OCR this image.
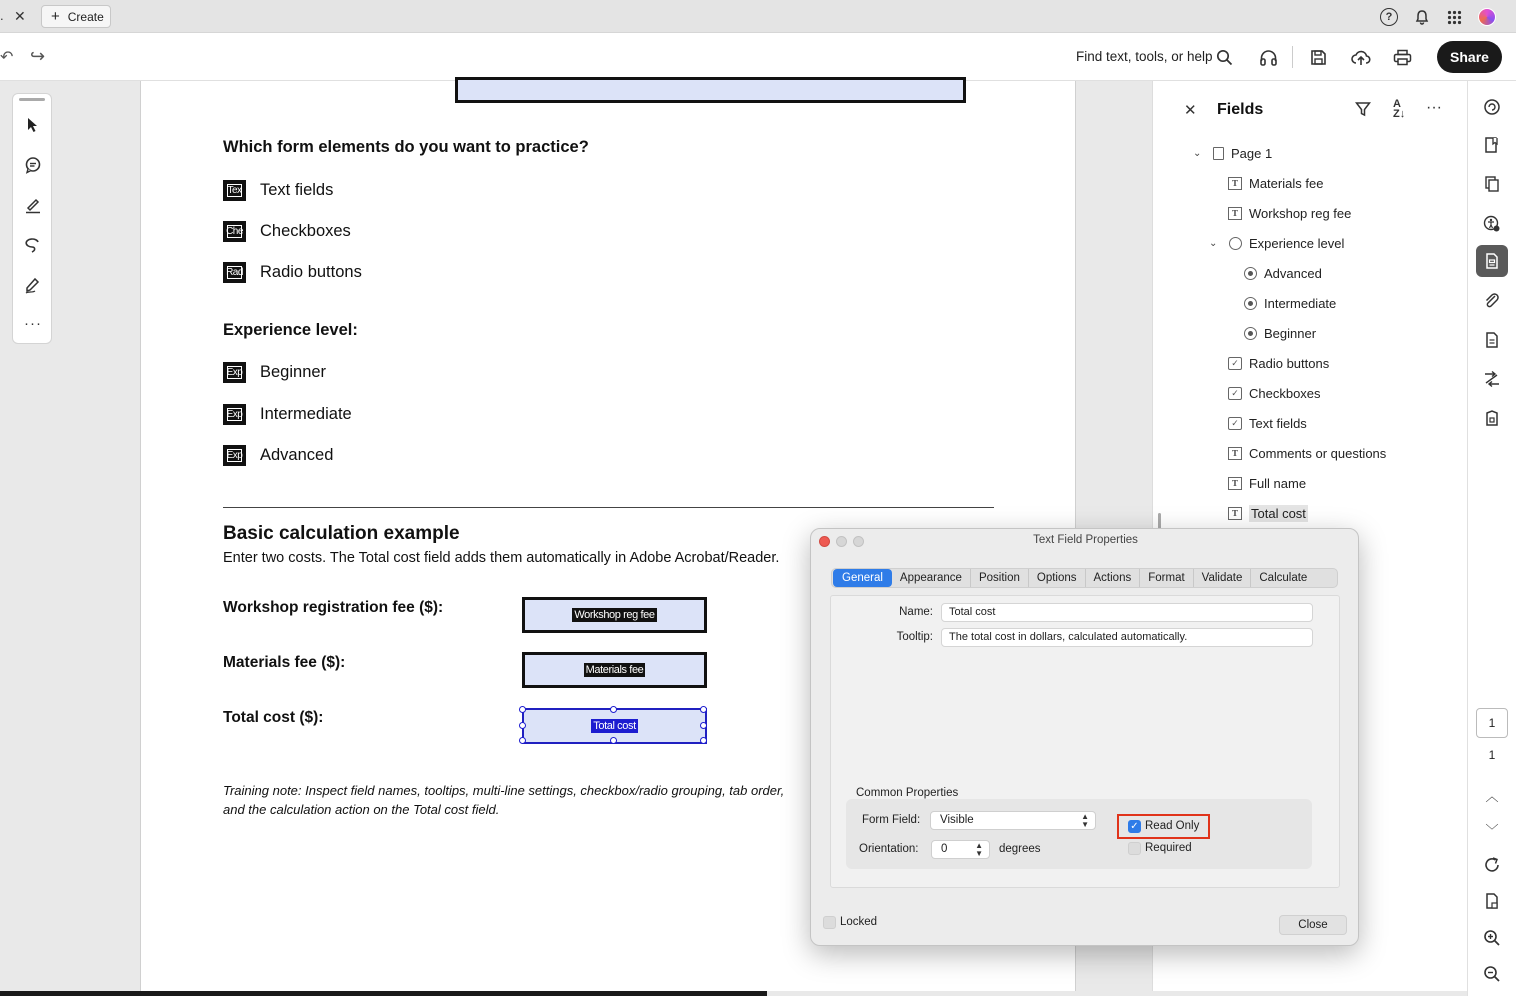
. ✕ + Create	?
↶ ↪	Find text, tools, or help	Share
···
Which form elements do you want to practice?
Tex Text fields
Che Checkboxes
Rad Radio buttons
Experience level:
Exp Beginner
Exp Intermediate
Exp Advanced
Basic calculation example
Enter two costs. The Total cost field adds them automatically in Adobe Acrobat/Reader.
Workshop registration fee ($):	Workshop reg fee
Materials fee ($):	Materials fee
Total cost ($):	Total cost
Training note: Inspect field names, tooltips, multi-line settings, checkbox/radio grouping, tab order, and the calculation action on the Total cost field.
✕ Fields	A
Z↓ ···
⌄	Page 1
T Materials fee
T Workshop reg fee
⌄	Experience level
Advanced
Intermediate
Beginner
✓ Radio buttons
✓ Checkboxes
✓ Text fields
T Comments or questions
T Full name
T	Total cost
1
1
︿
﹀
Text Field Properties
General	Appearance	Position	Options	Actions	Format	Validate	Calculate
Name:	Total cost
Tooltip:	The total cost in dollars, calculated automatically.
Common Properties
Form Field:	Visible	▲
▼
Orientation:	0	▲
▼ degrees
✓ Read Only
Required
Locked	Close
